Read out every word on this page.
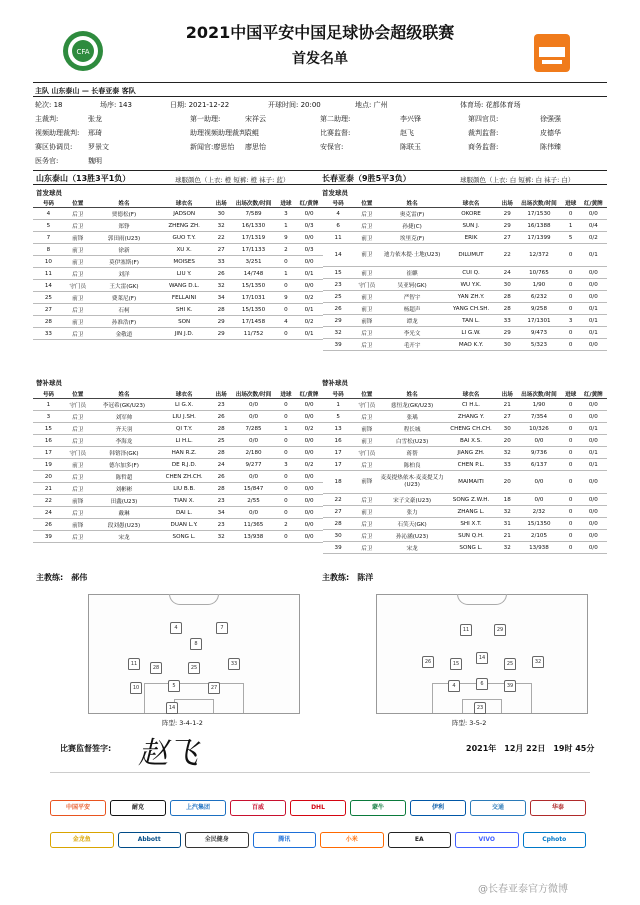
CFA
2021中国平安中国足球协会超级联赛
首发名单
主队 山东泰山 — 长春亚泰 客队
轮次: 18	场序: 143	日期: 2021-12-22	开球时间: 20:00	地点: 广州	体育场: 花都体育场
主裁判:	张龙	第一助理:	宋祥云	第二助理:	李兴锋	第四官员:	徐强强
视频助理裁判: 邢琦	助理视频助理裁判:
袁鲲	比赛监督:	赵飞	裁判监督:	皮德华
赛区协调员: 罗景文	新闻官:廖思怡 廖思怡	安保官:	陈联玉	商务监督:	陈伟臻
医务官:	魏明
山东泰山（13胜3平1负）	球服颜色（上衣: 橙 短裤: 橙 袜子: 蓝）	长春亚泰（9胜5平3负）	球服颜色（上衣: 白 短裤: 白 袜子: 白）
首发球员	首发球员
号码	位置	姓名	球衣名	出场	出场次数/时间	进球	红/黄牌
4	后卫	贾德松(F)	JADSON	30	7/589	3	0/0
5	后卫	郑铮	ZHENG ZH.	32	16/1330	1	0/3
7	前锋	郭田雨(U23)	GUO T.Y.	22	17/1319	9	0/0
8	前卫	徐新	XU X.	27	17/1133	2	0/3
10	前卫	莫伊塞斯(F)	MOISES	33	3/251	0	0/0
11	后卫	刘洋	LIU Y.	26	14/748	1	0/1
14	守门员	王大雷(GK)	WANG D.L.	32	15/1350	0	0/0
25	前卫	费莱尼(F)	FELLAINI	34	17/1031	9	0/2
27	后卫	石柯	SHI K.	28	15/1350	0	0/1
28	前卫	孙准浩(F)	SON	29	17/1458	4	0/2
33	后卫	金敬道	JIN J.D.	29	11/752	0	0/1
号码	位置	姓名	球衣名	出场	出场次数/时间	进球	红/黄牌
4	后卫	奥克雷(F)	OKORE	29	17/1530	0	0/0
6	后卫	孙捷(C)	SUN J.	29	16/1388	1	0/4
11	前卫	埃里克(F)	ERIK	27	17/1399	5	0/2
14	前卫	迪力依木提·土地(U23)	DILUMUT	22	12/372	0	0/1
15	前卫	崔麒	CUI Q.	24	10/765	0	0/0
23	守门员	吴亚轲(GK)	WU Y.K.	30	1/90	0	0/0
25	前卫	严智宇	YAN ZH.Y.	28	6/232	0	0/0
26	前卫	杨超声	YANG CH.SH.	28	9/258	0	0/1
29	前锋	谭龙	TAN L.	33	17/1301	3	0/1
32	后卫	李光文	LI G.W.	29	9/473	0	0/1
39	后卫	毛开宇	MAO K.Y.	30	5/323	0	0/0
替补球员	替补球员
号码	位置	姓名	球衣名	出场	出场次数/时间	进球	红/黄牌
1	守门员	李冠希(GK/U23)	LI G.X.	23	0/0	0	0/0
3	后卫	刘军帅	LIU J.SH.	26	0/0	0	0/0
15	后卫	齐天羽	QI T.Y.	28	7/285	1	0/2
16	后卫	李海龙	LI H.L.	25	0/0	0	0/0
17	守门员	韩镕泽(GK)	HAN R.Z.	28	2/180	0	0/0
19	前卫	德尔加多(F)	DE R.J.D.	24	9/277	3	0/2
20	后卫	陈哲超	CHEN ZH.CH.	26	0/0	0	0/0
21	后卫	刘彬彬	LIU B.B.	28	15/847	0	0/0
22	前锋	田鑫(U23)	TIAN X.	23	2/55	0	0/0
24	后卫	戴琳	DAI L.	34	0/0	0	0/0
26	前锋	段刘愚(U23)	DUAN L.Y.	23	11/365	2	0/0
39	后卫	宋龙	SONG L.	32	13/938	0	0/0
号码	位置	姓名	球衣名	出场	出场次数/时间	进球	红/黄牌
1	守门员	慈恒龙(GK/U23)	CI H.L.	21	1/90	0	0/0
5	后卫	张瑀	ZHANG Y.	27	7/354	0	0/0
13	前锋	程长城	CHENG CH.CH.	30	10/326	0	0/1
16	前卫	白雪松(U23)	BAI X.S.	20	0/0	0	0/0
17	守门员	蒋帮	JIANG ZH.	32	9/736	0	0/1
17	后卫	陈柏良	CHEN P.L.	33	6/137	0	0/1
18	前锋	麦麦提热依木·麦麦提艾力(U23)	MAIMAITI	20	0/0	0	0/0
22	后卫	宋子文豪(U23)	SONG Z.W.H.	18	0/0	0	0/0
27	前卫	张力	ZHANG L.	32	2/32	0	0/0
28	后卫	石笑天(GK)	SHI X.T.	31	15/1350	0	0/0
30	后卫	孙沁涵(U23)	SUN Q.H.	21	2/105	0	0/0
39	后卫	宋龙	SONG L.	32	13/938	0	0/0
主教练:　郝伟	主教练:　陈洋
14
10	5	27
11
28	25
33
8
4	7
阵型: 3-4-1-2
23
4	6	39
26	15
14
25	32
11	29
阵型: 3-5-2
比赛监督签字: 赵飞	2021年　12月 22日　19时 45分
中国平安	耐克	上汽集团	百威	DHL	蒙牛	伊利	交通	华泰
金龙鱼	Abbott	全民健身	腾讯	小米	EA	VIVO	Cphoto
@长春亚泰官方微博
